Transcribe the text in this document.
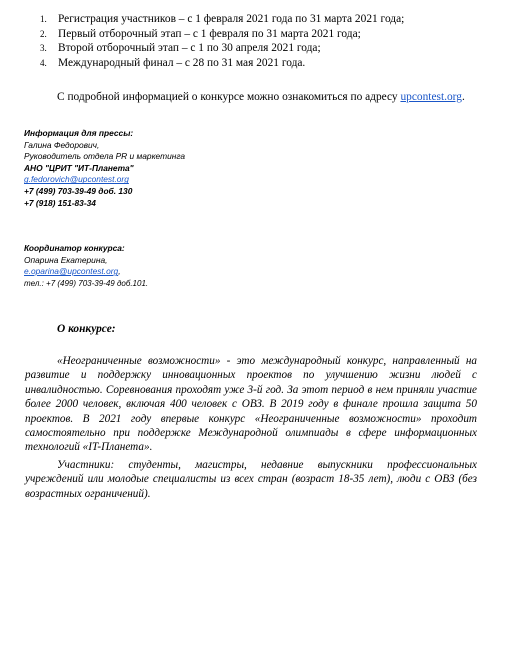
1. Регистрация участников – с 1 февраля 2021 года по 31 марта 2021 года;
2. Первый отборочный этап – с 1 февраля по 31 марта 2021 года;
3. Второй отборочный этап – с 1 по 30 апреля 2021 года;
4. Международный финал – с 28 по 31 мая 2021 года.
С подробной информацией о конкурсе можно ознакомиться по адресу upcontest.org.
Информация для прессы:
Галина Федорович,
Руководитель отдела PR и маркетинга
АНО "ЦРИТ "ИТ-Планета"
g.fedorovich@upcontest.org
+7 (499) 703-39-49 доб. 130
+7 (918) 151-83-34
Координатор конкурса:
Опарина Екатерина,
e.oparina@upcontest.org,
тел.: +7 (499) 703-39-49 доб.101.
О конкурсе:

«Неограниченные возможности» - это международный конкурс, направленный на развитие и поддержку инновационных проектов по улучшению жизни людей с инвалидностью. Соревнования проходят уже 3-й год. За этот период в нем приняли участие более 2000 человек, включая 400 человек с ОВЗ. В 2019 году в финале прошла защита 50 проектов. В 2021 году впервые конкурс «Неограниченные возможности» проходит самостоятельно при поддержке Международной олимпиады в сфере информационных технологий «IT-Планета».

Участники: студенты, магистры, недавние выпускники профессиональных учреждений или молодые специалисты из всех стран (возраст 18-35 лет), люди с ОВЗ (без возрастных ограничений).
